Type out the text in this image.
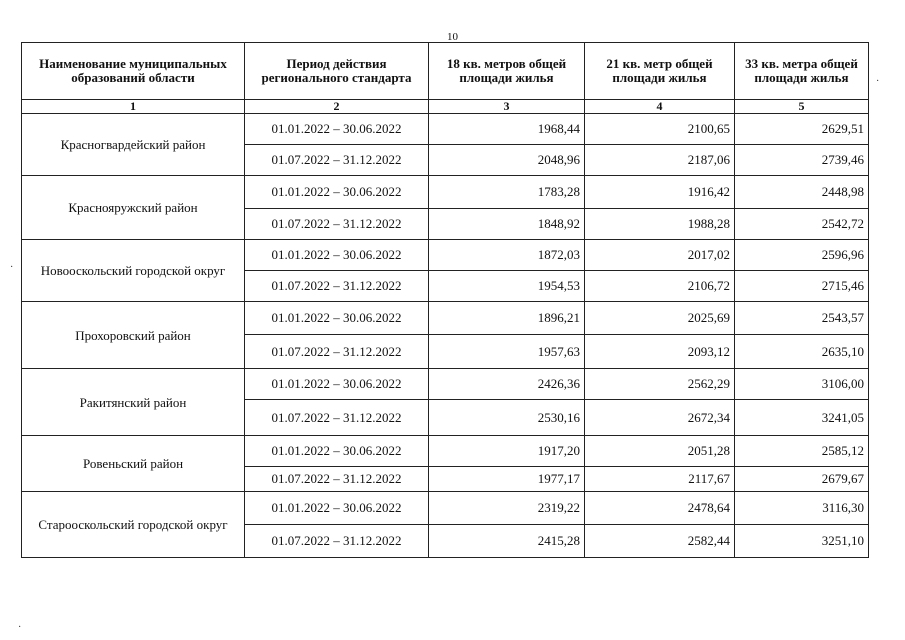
10
Наименование муниципальных образований области	Период действия регионального стандарта	18 кв. метров общей площади жилья	21 кв. метр общей площади жилья	33 кв. метра общей площади жилья
1	2	3	4	5
Красногвардейский район	01.01.2022 – 30.06.2022	1968,44	2100,65	2629,51
	01.07.2022 – 31.12.2022	2048,96	2187,06	2739,46
Краснояружский район	01.01.2022 – 30.06.2022	1783,28	1916,42	2448,98
	01.07.2022 – 31.12.2022	1848,92	1988,28	2542,72
Новооскольский городской округ	01.01.2022 – 30.06.2022	1872,03	2017,02	2596,96
	01.07.2022 – 31.12.2022	1954,53	2106,72	2715,46
Прохоровский район	01.01.2022 – 30.06.2022	1896,21	2025,69	2543,57
	01.07.2022 – 31.12.2022	1957,63	2093,12	2635,10
Ракитянский район	01.01.2022 – 30.06.2022	2426,36	2562,29	3106,00
	01.07.2022 – 31.12.2022	2530,16	2672,34	3241,05
Ровеньский район	01.01.2022 – 30.06.2022	1917,20	2051,28	2585,12
	01.07.2022 – 31.12.2022	1977,17	2117,67	2679,67
Старооскольский городской округ	01.01.2022 – 30.06.2022	2319,22	2478,64	3116,30
	01.07.2022 – 31.12.2022	2415,28	2582,44	3251,10
·
·
·
